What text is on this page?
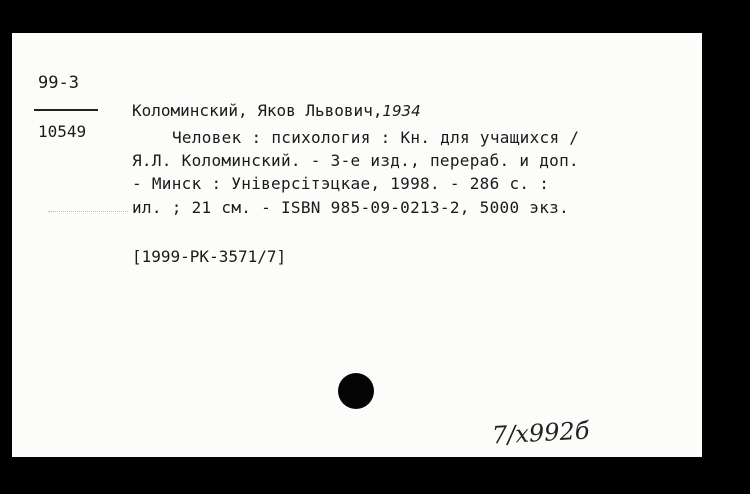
99-3
10549
Коломинский, Яков Львович,1934
Человек : психология : Кн. для учащихся /
Я.Л. Коломинский. - 3-е изд., перераб. и доп.
- Минск : Універсітэцкае, 1998. - 286 с. :
ил. ; 21 см. - ISBN 985-09-0213-2, 5000 экз.
[1999-РК-3571/7]
7/х992б
